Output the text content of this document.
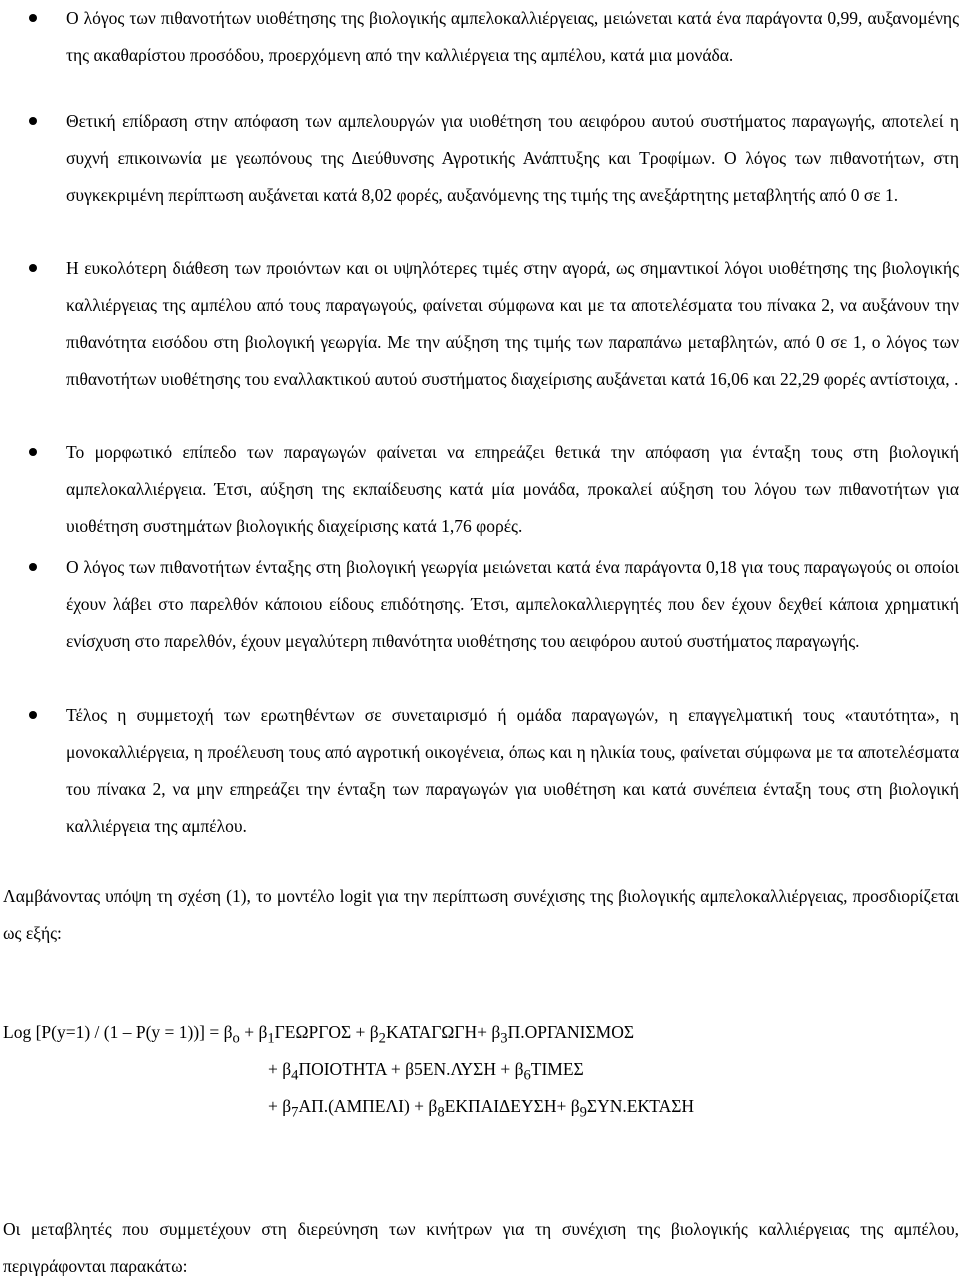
Ο λόγος των πιθανοτήτων υιοθέτησης της βιολογικής αμπελοκαλλιέργειας, μειώνεται κατά ένα παράγοντα 0,99, αυξανομένης της ακαθαρίστου προσόδου, προερχόμενη από την καλλιέργεια της αμπέλου, κατά μια μονάδα.

Θετική επίδραση στην απόφαση των αμπελουργών για υιοθέτηση του αειφόρου αυτού συστήματος παραγωγής, αποτελεί η συχνή επικοινωνία με γεωπόνους της Διεύθυνσης Αγροτικής Ανάπτυξης και Τροφίμων. Ο λόγος των πιθανοτήτων, στη συγκεκριμένη περίπτωση αυξάνεται κατά 8,02 φορές, αυξανόμενης της τιμής της ανεξάρτητης μεταβλητής από 0 σε 1.

Η ευκολότερη διάθεση των προιόντων και οι υψηλότερες τιμές στην αγορά, ως σημαντικοί λόγοι υιοθέτησης της βιολογικής καλλιέργειας της αμπέλου από τους παραγωγούς, φαίνεται σύμφωνα και με τα αποτελέσματα του πίνακα 2, να αυξάνουν την πιθανότητα εισόδου στη βιολογική γεωργία. Με την αύξηση της τιμής των παραπάνω μεταβλητών, από 0 σε 1, ο λόγος των πιθανοτήτων υιοθέτησης του εναλλακτικού αυτού συστήματος διαχείρισης αυξάνεται κατά 16,06 και 22,29 φορές αντίστοιχα, .

Το μορφωτικό επίπεδο των παραγωγών φαίνεται να επηρεάζει θετικά την απόφαση για ένταξη τους στη βιολογική αμπελοκαλλιέργεια. Έτσι, αύξηση της εκπαίδευσης κατά μία μονάδα, προκαλεί αύξηση του λόγου των πιθανοτήτων για υιοθέτηση συστημάτων βιολογικής διαχείρισης κατά 1,76 φορές.

Ο λόγος των πιθανοτήτων ένταξης στη βιολογική γεωργία μειώνεται κατά ένα παράγοντα 0,18 για τους παραγωγούς οι οποίοι έχουν λάβει στο παρελθόν κάποιου είδους επιδότησης. Έτσι, αμπελοκαλλιεργητές που δεν έχουν δεχθεί κάποια χρηματική ενίσχυση στο παρελθόν, έχουν μεγαλύτερη πιθανότητα υιοθέτησης του αειφόρου αυτού συστήματος παραγωγής.

Τέλος η συμμετοχή των ερωτηθέντων σε συνεταιρισμό ή ομάδα παραγωγών, η επαγγελματική τους «ταυτότητα», η μονοκαλλιέργεια, η προέλευση τους από αγροτική οικογένεια, όπως και η ηλικία τους, φαίνεται σύμφωνα με τα αποτελέσματα του πίνακα 2, να μην επηρεάζει την ένταξη των παραγωγών για υιοθέτηση και κατά συνέπεια ένταξη τους στη βιολογική καλλιέργεια της αμπέλου.

Λαμβάνοντας υπόψη τη σχέση (1), το μοντέλο logit για την περίπτωση συνέχισης της βιολογικής αμπελοκαλλιέργειας, προσδιορίζεται ως εξής:

Log $[P(y=1) / (1 - P(y = 1))] = \beta_o + \beta_1\Gamma E\Omega P\Gamma O\Sigma + \beta_2KATA\Gamma\Omega\Gamma H+ \beta_3\Pi.OP\Gamma ANI\Sigma MO\Sigma$
+ $\beta_4\Pi OIOTHTA + \beta 5EN.\Lambda\Upsilon\Sigma H + \beta_6TIME\Sigma$
+ $\beta_7A\Pi.(AM\Pi E\Lambda I) + \beta_8EK\Pi AI\Delta E\Upsilon\Sigma H+ \beta_9\Sigma\Upsilon N.EKTA\Sigma H$

Οι μεταβλητές που συμμετέχουν στη διερεύνηση των κινήτρων για τη συνέχιση της βιολογικής καλλιέργειας της αμπέλου, περιγράφονται παρακάτω:
